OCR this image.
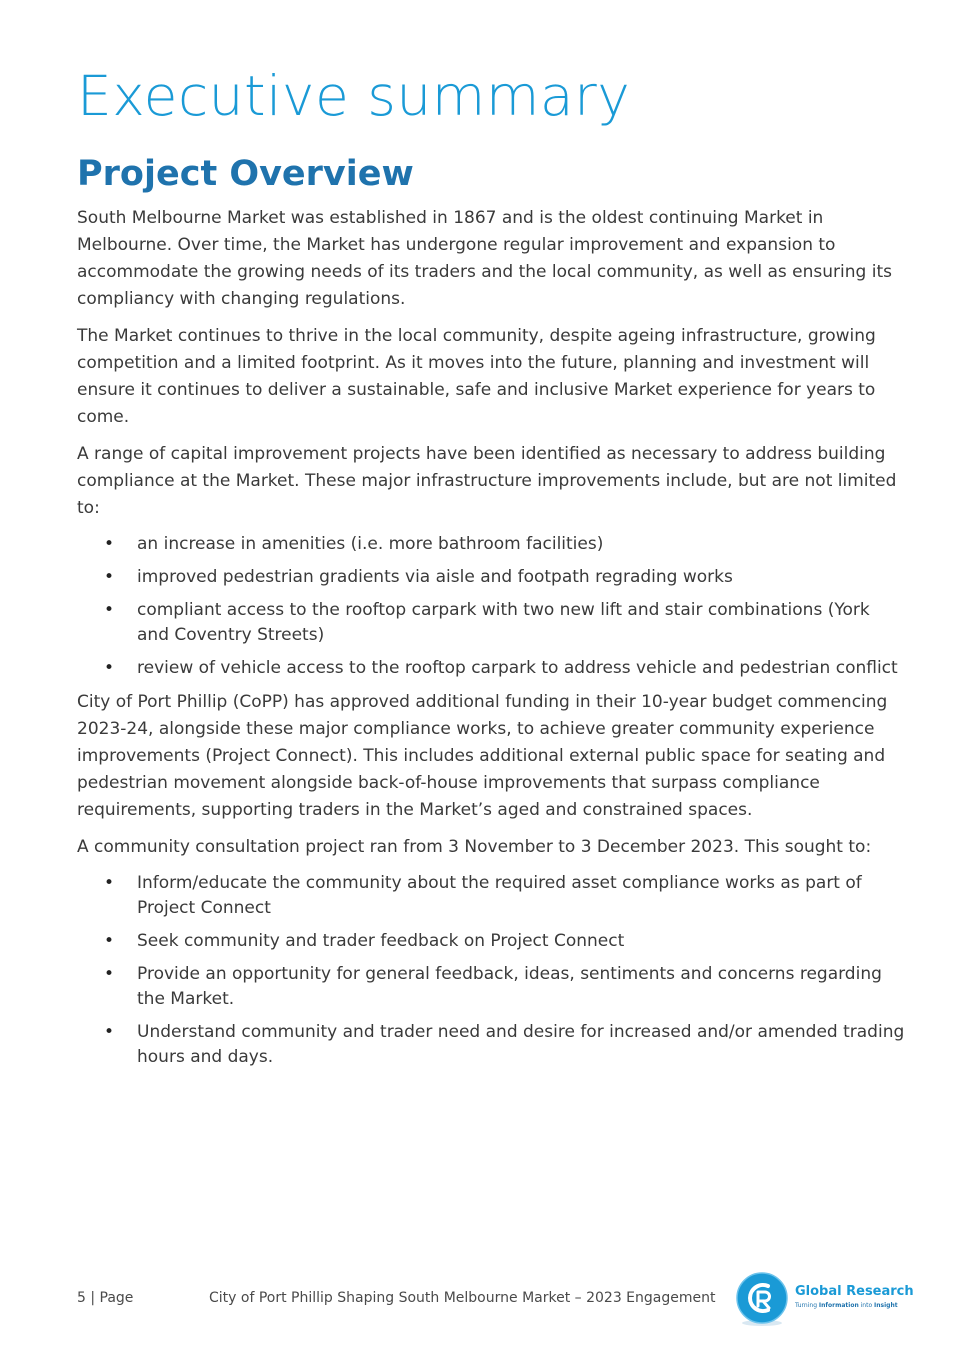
Executive summary
Project Overview

South Melbourne Market was established in 1867 and is the oldest continuing Market in Melbourne. Over time, the Market has undergone regular improvement and expansion to accommodate the growing needs of its traders and the local community, as well as ensuring its compliancy with changing regulations.

The Market continues to thrive in the local community, despite ageing infrastructure, growing competition and a limited footprint. As it moves into the future, planning and investment will ensure it continues to deliver a sustainable, safe and inclusive Market experience for years to come.

A range of capital improvement projects have been identified as necessary to address building compliance at the Market. These major infrastructure improvements include, but are not limited to:

• an increase in amenities (i.e. more bathroom facilities)
• improved pedestrian gradients via aisle and footpath regrading works
• compliant access to the rooftop carpark with two new lift and stair combinations (York and Coventry Streets)
• review of vehicle access to the rooftop carpark to address vehicle and pedestrian conflict

City of Port Phillip (CoPP) has approved additional funding in their 10-year budget commencing 2023-24, alongside these major compliance works, to achieve greater community experience improvements (Project Connect). This includes additional external public space for seating and pedestrian movement alongside back-of-house improvements that surpass compliance requirements, supporting traders in the Market’s aged and constrained spaces.

A community consultation project ran from 3 November to 3 December 2023. This sought to:

• Inform/educate the community about the required asset compliance works as part of Project Connect
• Seek community and trader feedback on Project Connect
• Provide an opportunity for general feedback, ideas, sentiments and concerns regarding the Market.
• Understand community and trader need and desire for increased and/or amended trading hours and days.
5 | Page	City of Port Phillip Shaping South Melbourne Market – 2023 Engagement	Global Research
Turning Information into Insight
